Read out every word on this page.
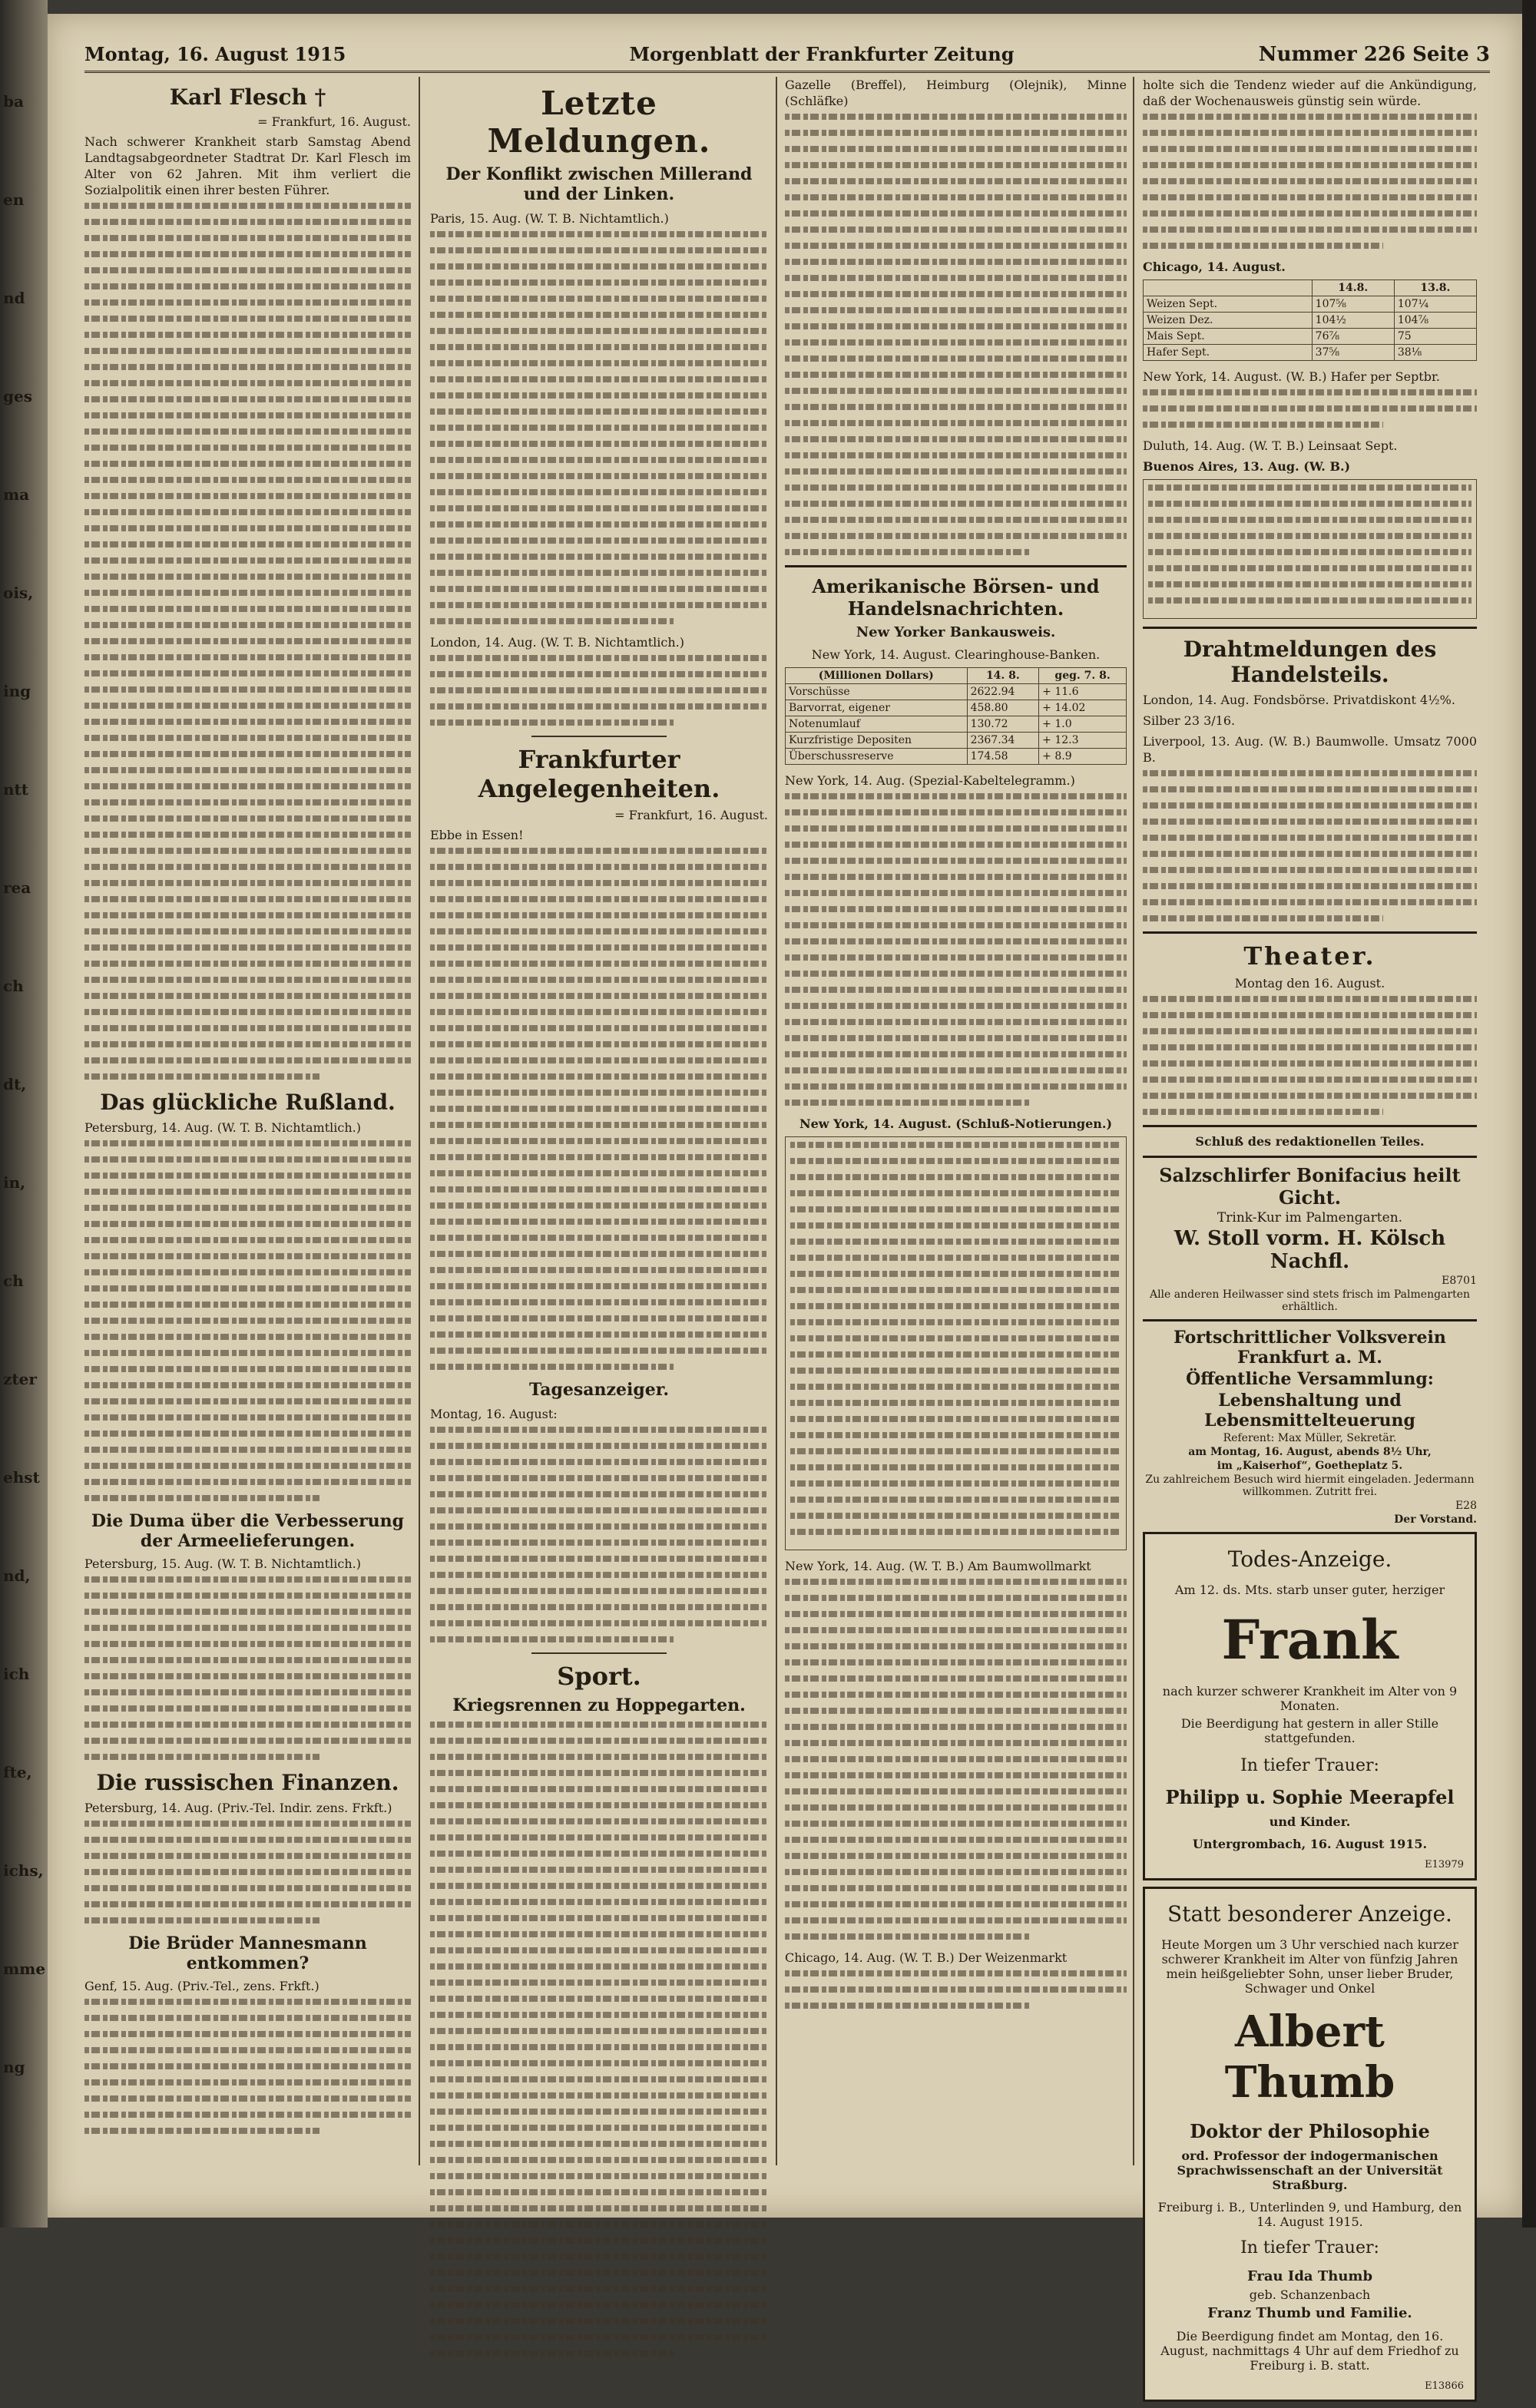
Montag, 16. August 1915	Morgenblatt der Frankfurter Zeitung	Nummer 226 Seite 3
Karl Flesch †
= Frankfurt, 16. August.
Nach schwerer Krankheit starb Samstag Abend Landtagsabgeordneter Stadtrat Dr. Karl Flesch im Alter von 62 Jahren. Mit ihm verliert die Sozialpolitik einen ihrer besten Führer.
Das glückliche Rußland.
Petersburg, 14. Aug. (W. T. B. Nichtamtlich.)
Die Duma über die Verbesserung der Armeelieferungen.
Petersburg, 15. Aug. (W. T. B. Nichtamtlich.)
Die russischen Finanzen.
Petersburg, 14. Aug. (Priv.-Tel. Indir. zens. Frkft.)
Die Brüder Mannesmann entkommen?
Genf, 15. Aug. (Priv.-Tel., zens. Frkft.)
Letzte Meldungen.
Der Konflikt zwischen Millerand und der Linken.
Paris, 15. Aug. (W. T. B. Nichtamtlich.)
London, 14. Aug. (W. T. B. Nichtamtlich.)
Frankfurter Angelegenheiten.
= Frankfurt, 16. August.
Ebbe in Essen!
Tagesanzeiger.
Montag, 16. August:
Sport.
Kriegsrennen zu Hoppegarten.
Gazelle (Breffel), Heimburg (Olejnik), Minne (Schläfke)
Amerikanische Börsen- und Handelsnachrichten.
New Yorker Bankausweis.
New York, 14. August. Clearinghouse-Banken.
(Millionen Dollars)	14. 8.	geg. 7. 8.
Vorschüsse	2622.94	+ 11.6
Barvorrat, eigener	458.80	+ 14.02
Notenumlauf	130.72	+ 1.0
Kurzfristige Depositen	2367.34	+ 12.3
Überschussreserve	174.58	+ 8.9
New York, 14. Aug. (Spezial-Kabeltelegramm.)
New York, 14. August. (Schluß-Notierungen.)
New York, 14. Aug. (W. T. B.) Am Baumwollmarkt
Chicago, 14. Aug. (W. T. B.) Der Weizenmarkt
holte sich die Tendenz wieder auf die Ankündigung, daß der Wochenausweis günstig sein würde.
Chicago, 14. August.
	14.8.	13.8.
Weizen Sept.	107⅝	107¼
Weizen Dez.	104½	104⅞
Mais Sept.	76⅞	75
Hafer Sept.	37⅝	38⅛
New York, 14. August. (W. B.) Hafer per Septbr.
Duluth, 14. Aug. (W. T. B.) Leinsaat Sept.
Buenos Aires, 13. Aug. (W. B.)
Drahtmeldungen des Handelsteils.
London, 14. Aug. Fondsbörse. Privatdiskont 4½%.
Silber 23 3/16.
Liverpool, 13. Aug. (W. B.) Baumwolle. Umsatz 7000 B.
Theater.
Montag den 16. August.
Schluß des redaktionellen Teiles.
Salzschlirfer Bonifacius heilt Gicht.
Trink-Kur im Palmengarten.
W. Stoll vorm. H. Kölsch Nachfl.
E8701
Alle anderen Heilwasser sind stets frisch im Palmengarten erhältlich.
Fortschrittlicher Volksverein Frankfurt a. M.
Öffentliche Versammlung:
Lebenshaltung und Lebensmittelteuerung
Referent: Max Müller, Sekretär.
am Montag, 16. August, abends 8½ Uhr,
im „Kaiserhof“, Goetheplatz 5.
Zu zahlreichem Besuch wird hiermit eingeladen. Jedermann willkommen. Zutritt frei.
E28
Der Vorstand.
Todes-Anzeige.
Am 12. ds. Mts. starb unser guter, herziger
Frank
nach kurzer schwerer Krankheit im Alter von 9 Monaten.
Die Beerdigung hat gestern in aller Stille stattgefunden.
In tiefer Trauer:
Philipp u. Sophie Meerapfel
und Kinder.
Untergrombach, 16. August 1915.
E13979
Statt besonderer Anzeige.
Heute Morgen um 3 Uhr verschied nach kurzer schwerer Krankheit im Alter von fünfzig Jahren mein heißgeliebter Sohn, unser lieber Bruder, Schwager und Onkel
Albert Thumb
Doktor der Philosophie
ord. Professor der indogermanischen Sprachwissenschaft an der Universität Straßburg.
Freiburg i. B., Unterlinden 9, und Hamburg, den 14. August 1915.
In tiefer Trauer:
Frau Ida Thumb
geb. Schanzenbach
Franz Thumb und Familie.
Die Beerdigung findet am Montag, den 16. August, nachmittags 4 Uhr auf dem Friedhof zu Freiburg i. B. statt.
E13866
ba
en
nd
ges
ma
ois,
ing
ntt
rea
ch
dt,
in,
ch
zter
ehst
nd,
ich
fte,
ichs,
mme
ng
